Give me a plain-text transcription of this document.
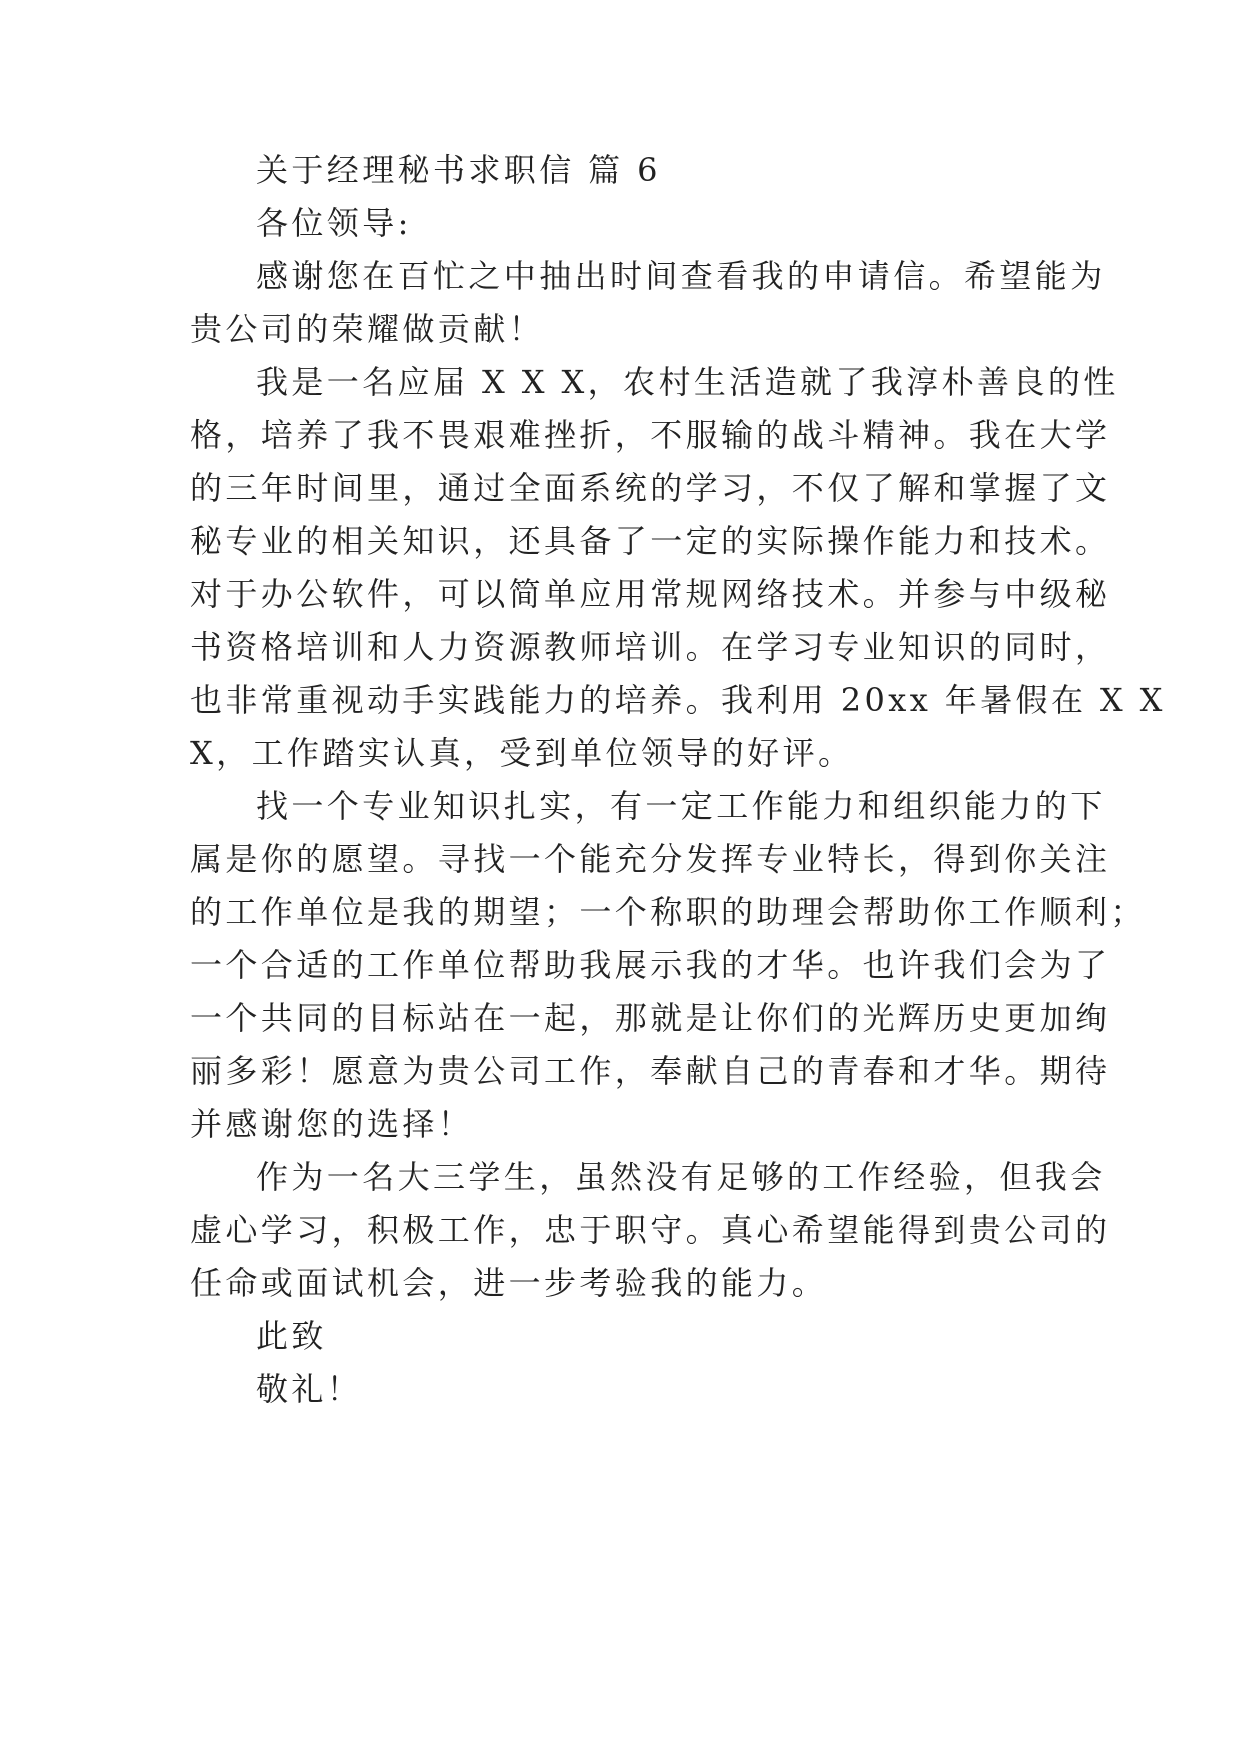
关于经理秘书求职信 篇 6
各位领导:
感谢您在百忙之中抽出时间查看我的申请信。希望能为
贵公司的荣耀做贡献！
我是一名应届 X X X，农村生活造就了我淳朴善良的性
格，培养了我不畏艰难挫折，不服输的战斗精神。我在大学
的三年时间里，通过全面系统的学习，不仅了解和掌握了文
秘专业的相关知识，还具备了一定的实际操作能力和技术。
对于办公软件，可以简单应用常规网络技术。并参与中级秘
书资格培训和人力资源教师培训。在学习专业知识的同时，
也非常重视动手实践能力的培养。我利用 20xx 年暑假在 X X
X，工作踏实认真，受到单位领导的好评。
找一个专业知识扎实，有一定工作能力和组织能力的下
属是你的愿望。寻找一个能充分发挥专业特长，得到你关注
的工作单位是我的期望；一个称职的助理会帮助你工作顺利；
一个合适的工作单位帮助我展示我的才华。也许我们会为了
一个共同的目标站在一起，那就是让你们的光辉历史更加绚
丽多彩！愿意为贵公司工作，奉献自己的青春和才华。期待
并感谢您的选择！
作为一名大三学生，虽然没有足够的工作经验，但我会
虚心学习，积极工作，忠于职守。真心希望能得到贵公司的
任命或面试机会，进一步考验我的能力。
此致
敬礼！
